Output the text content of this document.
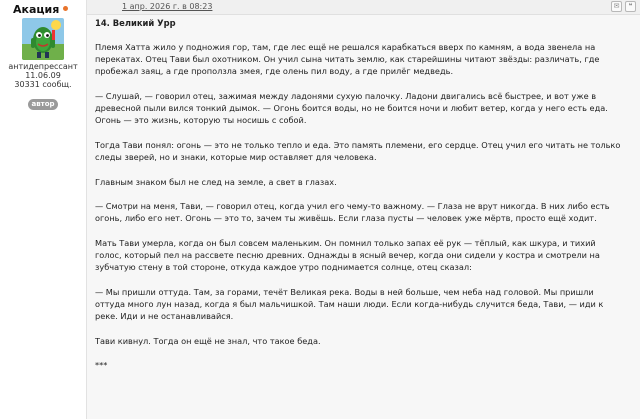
Акация
антидепрессант
11.06.09
30331 сообщ.
автор
1 апр. 2026 г. в 08:23	✉	❝
14. Великий Урр

Племя Хатта жило у подножия гор, там, где лес ещё не решался карабкаться вверх по камням, а вода звенела на перекатах. Отец Тави был охотником. Он учил сына читать землю, как старейшины читают звёзды: различать, где пробежал заяц, а где проползла змея, где олень пил воду, а где прилёг медведь.

— Слушай, — говорил отец, зажимая между ладонями сухую палочку. Ладони двигались всё быстрее, и вот уже в древесной пыли вился тонкий дымок. — Огонь боится воды, но не боится ночи и любит ветер, когда у него есть еда. Огонь — это жизнь, которую ты носишь с собой.

Тогда Тави понял: огонь — это не только тепло и еда. Это память племени, его сердце. Отец учил его читать не только следы зверей, но и знаки, которые мир оставляет для человека.

Главным знаком был не след на земле, а свет в глазах.

— Смотри на меня, Тави, — говорил отец, когда учил его чему-то важному. — Глаза не врут никогда. В них либо есть огонь, либо его нет. Огонь — это то, зачем ты живёшь. Если глаза пусты — человек уже мёртв, просто ещё ходит.

Мать Тави умерла, когда он был совсем маленьким. Он помнил только запах её рук — тёплый, как шкура, и тихий голос, который пел на рассвете песню древних. Однажды в ясный вечер, когда они сидели у костра и смотрели на зубчатую стену в той стороне, откуда каждое утро поднимается солнце, отец сказал:

— Мы пришли оттуда. Там, за горами, течёт Великая река. Воды в ней больше, чем неба над головой. Мы пришли оттуда много лун назад, когда я был мальчишкой. Там наши люди. Если когда-нибудь случится беда, Тави, — иди к реке. Иди и не останавливайся.

Тави кивнул. Тогда он ещё не знал, что такое беда.

***
